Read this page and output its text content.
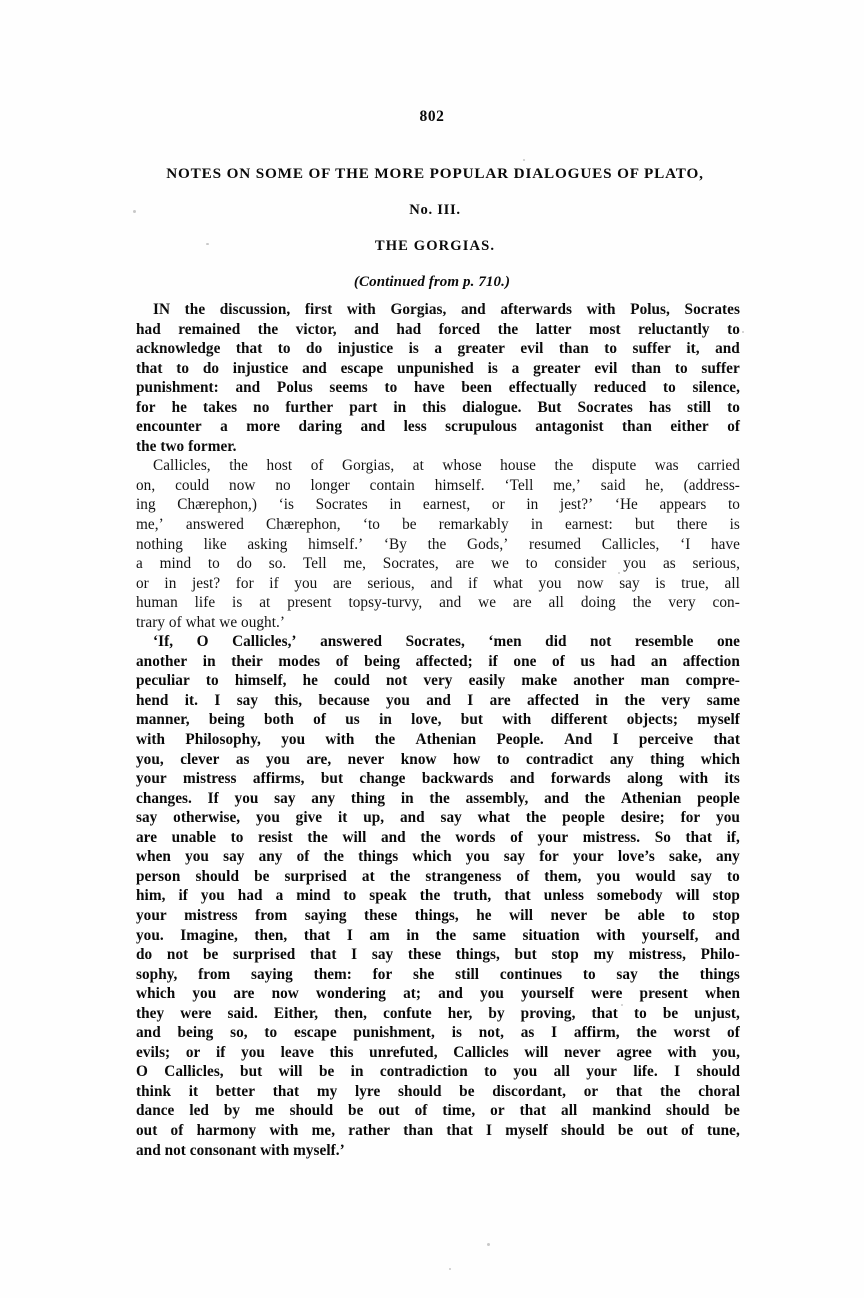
802
NOTES ON SOME OF THE MORE POPULAR DIALOGUES OF PLATO,
No. III.
THE GORGIAS.
(Continued from p. 710.)

IN the discussion, first with Gorgias, and afterwards with Polus, Socrates
had remained the victor, and had forced the latter most reluctantly to
acknowledge that to do injustice is a greater evil than to suffer it, and
that to do injustice and escape unpunished is a greater evil than to suffer
punishment: and Polus seems to have been effectually reduced to silence,
for he takes no further part in this dialogue. But Socrates has still to
encounter a more daring and less scrupulous antagonist than either of
the two former.

Callicles, the host of Gorgias, at whose house the dispute was carried
on, could now no longer contain himself. ‘Tell me,’ said he, (address-
ing Chærephon,) ‘is Socrates in earnest, or in jest?’ ‘He appears to
me,’ answered Chærephon, ‘to be remarkably in earnest: but there is
nothing like asking himself.’ ‘By the Gods,’ resumed Callicles, ‘I have
a mind to do so. Tell me, Socrates, are we to consider you as serious,
or in jest? for if you are serious, and if what you now say is true, all
human life is at present topsy-turvy, and we are all doing the very con-
trary of what we ought.’

‘If, O Callicles,’ answered Socrates, ‘men did not resemble one
another in their modes of being affected; if one of us had an affection
peculiar to himself, he could not very easily make another man compre-
hend it. I say this, because you and I are affected in the very same
manner, being both of us in love, but with different objects; myself
with Philosophy, you with the Athenian People. And I perceive that
you, clever as you are, never know how to contradict any thing which
your mistress affirms, but change backwards and forwards along with its
changes. If you say any thing in the assembly, and the Athenian people
say otherwise, you give it up, and say what the people desire; for you
are unable to resist the will and the words of your mistress. So that if,
when you say any of the things which you say for your love’s sake, any
person should be surprised at the strangeness of them, you would say to
him, if you had a mind to speak the truth, that unless somebody will stop
your mistress from saying these things, he will never be able to stop
you. Imagine, then, that I am in the same situation with yourself, and
do not be surprised that I say these things, but stop my mistress, Philo-
sophy, from saying them: for she still continues to say the things
which you are now wondering at; and you yourself were present when
they were said. Either, then, confute her, by proving, that to be unjust,
and being so, to escape punishment, is not, as I affirm, the worst of
evils; or if you leave this unrefuted, Callicles will never agree with you,
O Callicles, but will be in contradiction to you all your life. I should
think it better that my lyre should be discordant, or that the choral
dance led by me should be out of time, or that all mankind should be
out of harmony with me, rather than that I myself should be out of tune,
and not consonant with myself.’
